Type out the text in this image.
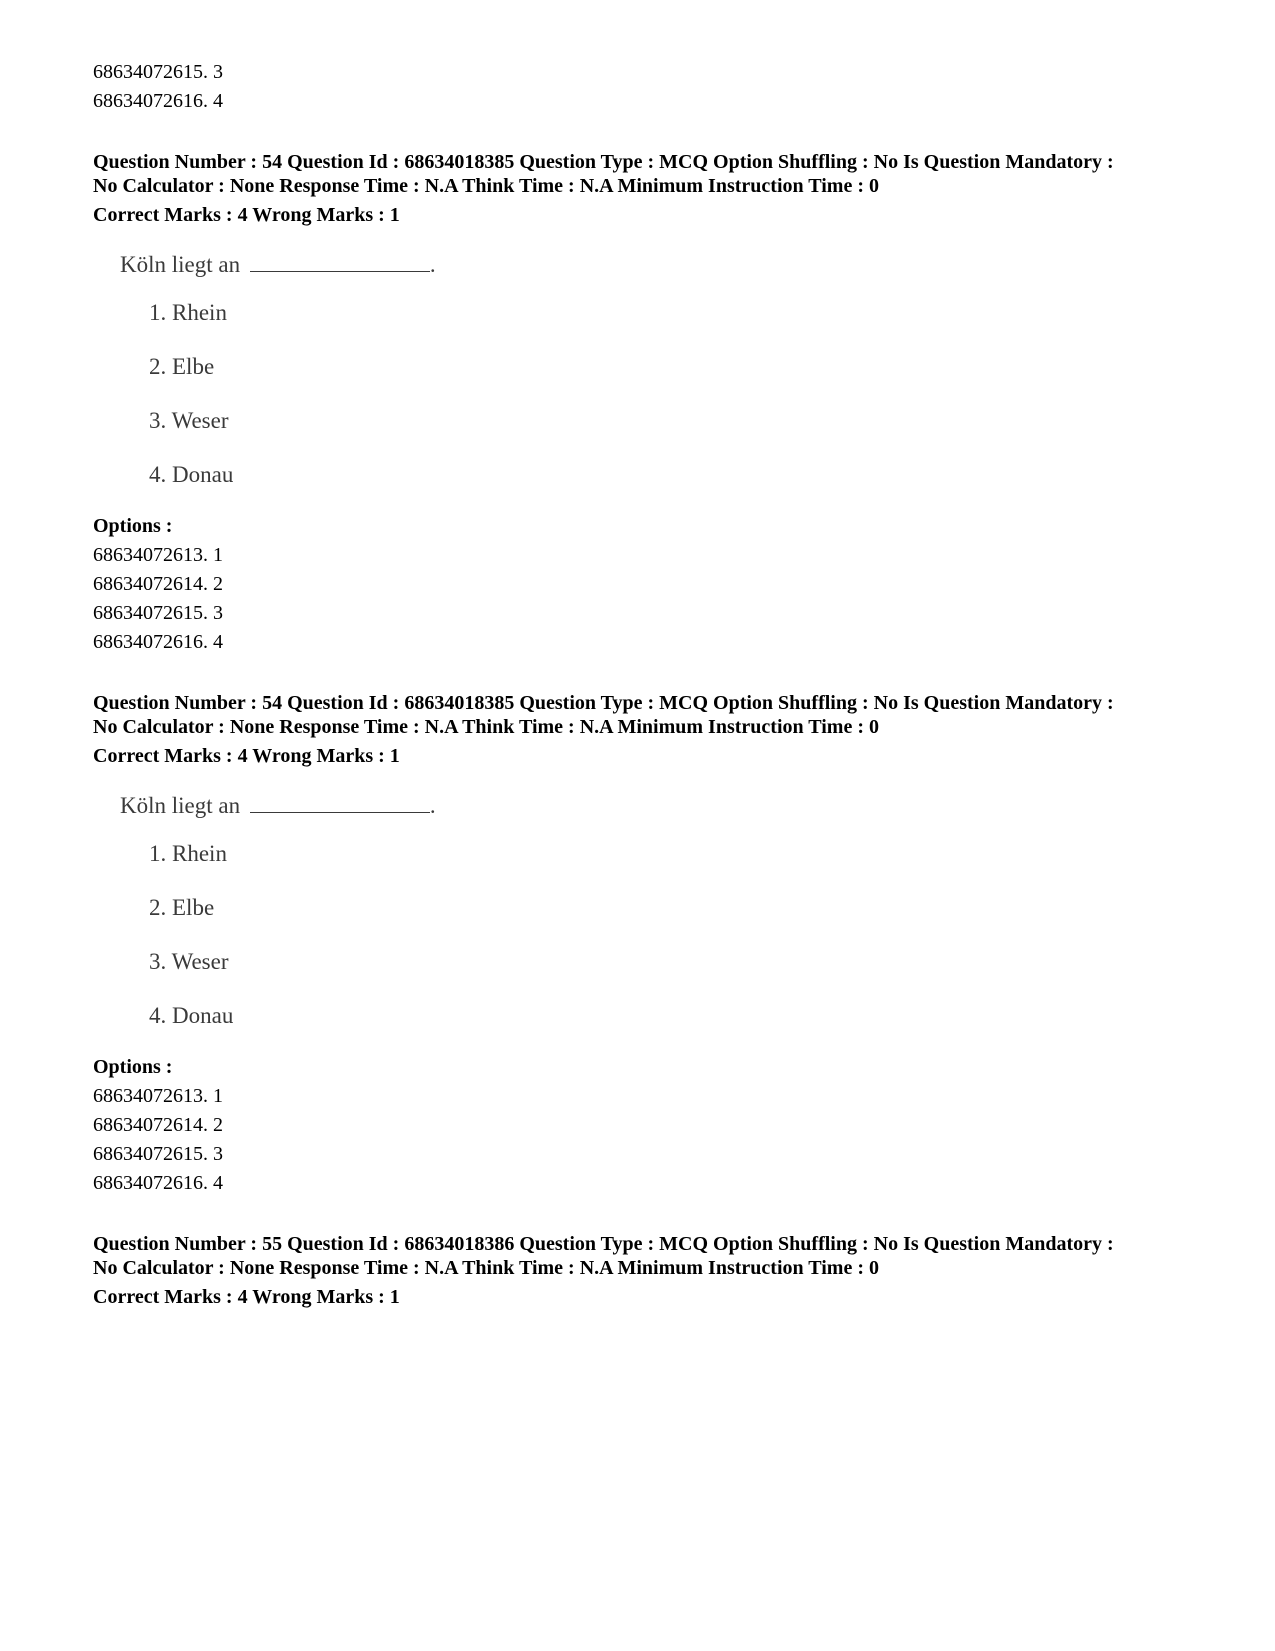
68634072615. 3
68634072616. 4
Question Number : 54 Question Id : 68634018385 Question Type : MCQ Option Shuffling : No Is Question Mandatory :
No Calculator : None Response Time : N.A Think Time : N.A Minimum Instruction Time : 0
Correct Marks : 4 Wrong Marks : 1
Köln liegt an	.
1. Rhein
2. Elbe
3. Weser
4. Donau
Options :
68634072613. 1
68634072614. 2
68634072615. 3
68634072616. 4
Question Number : 54 Question Id : 68634018385 Question Type : MCQ Option Shuffling : No Is Question Mandatory :
No Calculator : None Response Time : N.A Think Time : N.A Minimum Instruction Time : 0
Correct Marks : 4 Wrong Marks : 1
Köln liegt an	.
1. Rhein
2. Elbe
3. Weser
4. Donau
Options :
68634072613. 1
68634072614. 2
68634072615. 3
68634072616. 4
Question Number : 55 Question Id : 68634018386 Question Type : MCQ Option Shuffling : No Is Question Mandatory :
No Calculator : None Response Time : N.A Think Time : N.A Minimum Instruction Time : 0
Correct Marks : 4 Wrong Marks : 1
